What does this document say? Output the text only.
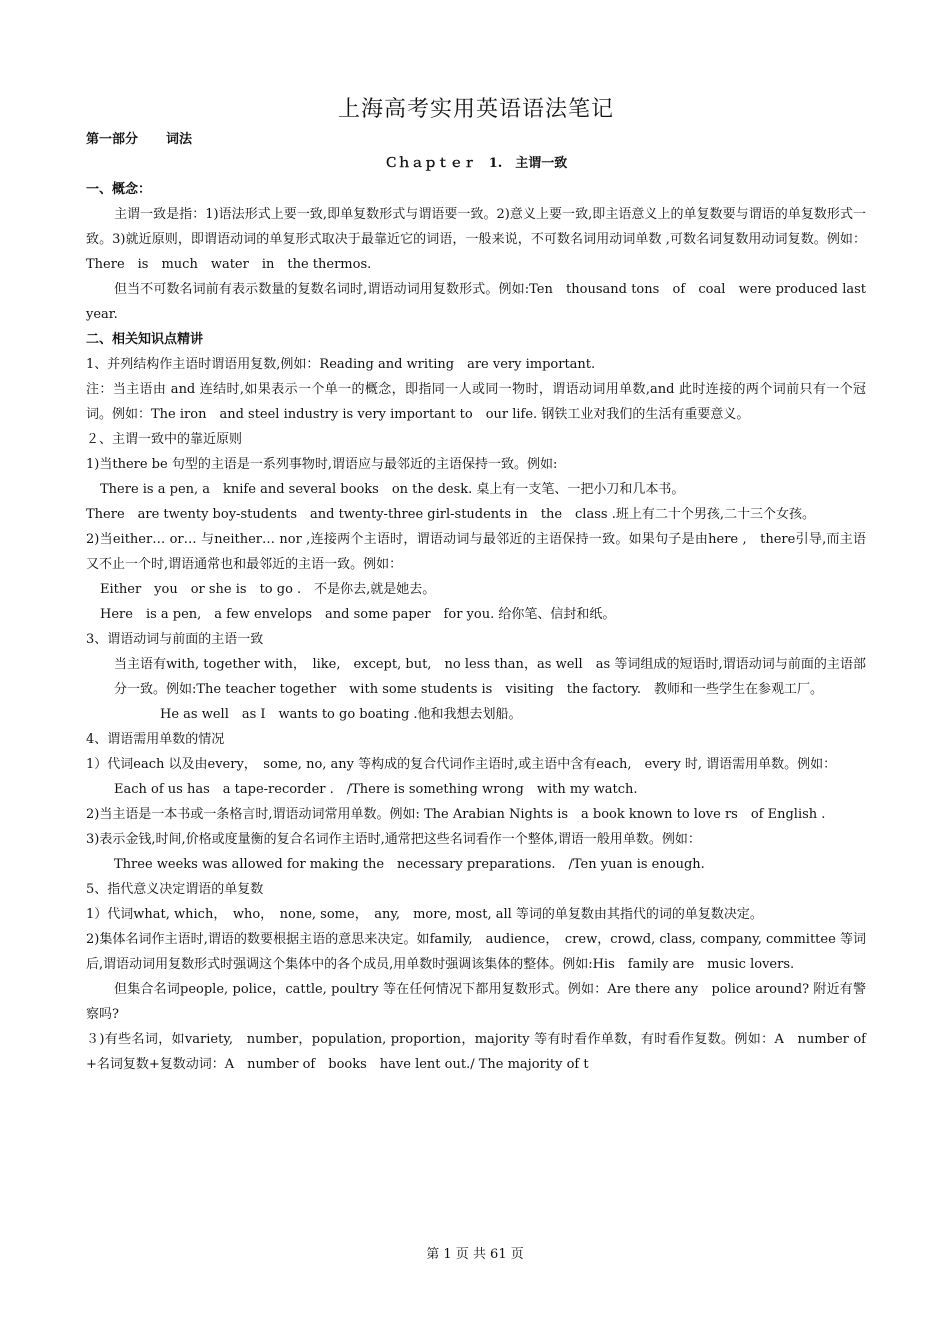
上海高考实用英语语法笔记
第一部分 词法
Ｃｈａｐｔｅｒ　1.　主谓一致
一、概念：

主谓一致是指：1)语法形式上要一致,即单复数形式与谓语要一致。2)意义上要一致,即主语意义上的单复数要与谓语的单复数形式一致。3)就近原则，即谓语动词的单复形式取决于最靠近它的词语，一般来说，不可数名词用动词单数 ,可数名词复数用动词复数。例如：There　is　much　water　in　the thermos.

但当不可数名词前有表示数量的复数名词时,谓语动词用复数形式。例如:Ten　thousand tons　of　coal　were produced last year.

二、相关知识点精讲

1、并列结构作主语时谓语用复数,例如：Reading and writing　are very important.

注：当主语由 and 连结时,如果表示一个单一的概念，即指同一人或同一物时，谓语动词用单数,and 此时连接的两个词前只有一个冠词。例如：The iron　and steel industry is very important to　our life. 钢铁工业对我们的生活有重要意义。

２、主谓一致中的靠近原则

1)当there be 句型的主语是一系列事物时,谓语应与最邻近的主语保持一致。例如:

There is a pen, a　knife and several books　on the desk. 桌上有一支笔、一把小刀和几本书。

There　are twenty boy-students　and twenty-three girl-students in　the　class .班上有二十个男孩,二十三个女孩。

2)当either… or… 与neither… nor ,连接两个主语时，谓语动词与最邻近的主语保持一致。如果句子是由here ,　there引导,而主语又不止一个时,谓语通常也和最邻近的主语一致。例如：

Either　you　or she is　to go .　不是你去,就是她去。

Here　is a pen,　a few envelops　and some paper　for you. 给你笔、信封和纸。

3、谓语动词与前面的主语一致

当主语有with, together with，　like,　except, but,　no less than，as well　as 等词组成的短语时,谓语动词与前面的主语部分一致。例如:The teacher together　with some students is　visiting　the factory.　教师和一些学生在参观工厂。

He as well　as I　wants to go boating .他和我想去划船。

4、谓语需用单数的情况

1）代词each 以及由every，　some, no, any 等构成的复合代词作主语时,或主语中含有each,　every 时, 谓语需用单数。例如：

Each of us has　a tape-recorder .　/There is something wrong　with my watch.

2)当主语是一本书或一条格言时,谓语动词常用单数。例如: The Arabian Nights is　a book known to love rs　of English .

3)表示金钱,时间,价格或度量衡的复合名词作主语时,通常把这些名词看作一个整体,谓语一般用单数。例如：

Three weeks was allowed for making the　necessary preparations.　/Ten yuan is enough.

5、指代意义决定谓语的单复数

1）代词what, which，　who，　none, some，　any,　more, most, all 等词的单复数由其指代的词的单复数决定。

2)集体名词作主语时,谓语的数要根据主语的意思来决定。如family,　audience，　crew，crowd, class, company, committee 等词后,谓语动词用复数形式时强调这个集体中的各个成员,用单数时强调该集体的整体。例如:His　family are　music lovers.

但集合名词people, police，cattle, poultry 等在任何情况下都用复数形式。例如：Are there any　police around? 附近有警察吗?

３)有些名词，如variety,　number，population, proportion，majority 等有时看作单数，有时看作复数。例如：A　number of　+名词复数+复数动词：A　number of　books　have lent out./ The majority of t

第 1 页 共 61 页
